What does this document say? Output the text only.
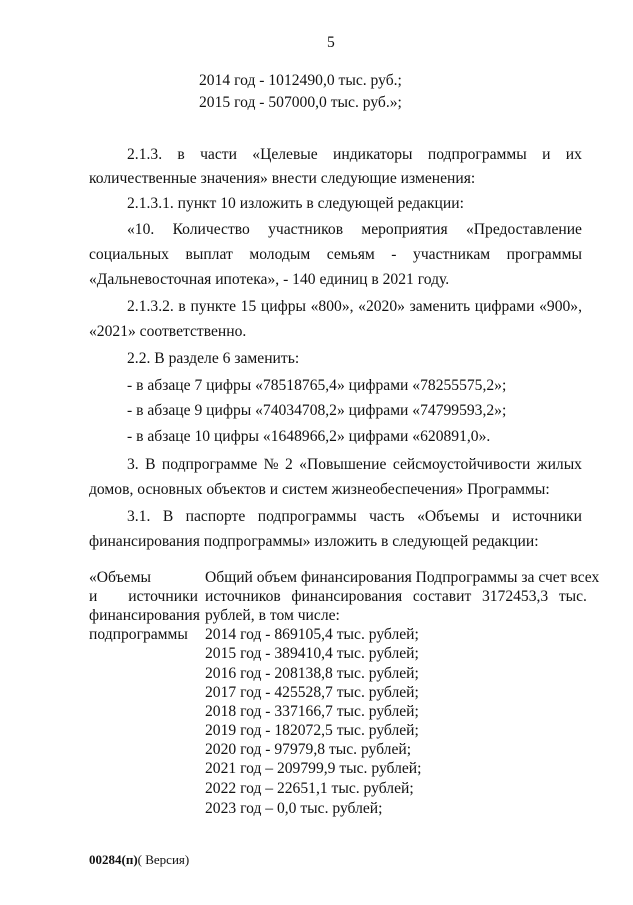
5
2014 год - 1012490,0 тыс. руб.;
2015 год - 507000,0 тыс. руб.»;
2.1.3. в части «Целевые индикаторы подпрограммы и их
количественные значения» внести следующие изменения:
2.1.3.1. пункт 10 изложить в следующей редакции:
«10. Количество участников мероприятия «Предоставление
социальных выплат молодым семьям - участникам программы
«Дальневосточная ипотека», - 140 единиц в 2021 году.
2.1.3.2. в пункте 15 цифры «800», «2020» заменить цифрами «900»,
«2021» соответственно.
2.2. В разделе 6 заменить:
- в абзаце 7 цифры «78518765,4» цифрами «78255575,2»;
- в абзаце 9 цифры «74034708,2» цифрами «74799593,2»;
- в абзаце 10 цифры «1648966,2» цифрами «620891,0».
3. В подпрограмме № 2 «Повышение сейсмоустойчивости жилых
домов, основных объектов и систем жизнеобеспечения» Программы:
3.1. В паспорте подпрограммы часть «Объемы и источники
финансирования подпрограммы» изложить в следующей редакции:
«Объемы
и источники
финансирования
подпрограммы
Общий объем финансирования Подпрограммы за счет всех
источников финансирования составит 3172453,3 тыс.
рублей, в том числе:
2014 год - 869105,4 тыс. рублей;
2015 год - 389410,4 тыс. рублей;
2016 год - 208138,8 тыс. рублей;
2017 год - 425528,7 тыс. рублей;
2018 год - 337166,7 тыс. рублей;
2019 год - 182072,5 тыс. рублей;
2020 год - 97979,8 тыс. рублей;
2021 год – 209799,9 тыс. рублей;
2022 год – 22651,1 тыс. рублей;
2023 год – 0,0 тыс. рублей;
00284(п)( Версия)
